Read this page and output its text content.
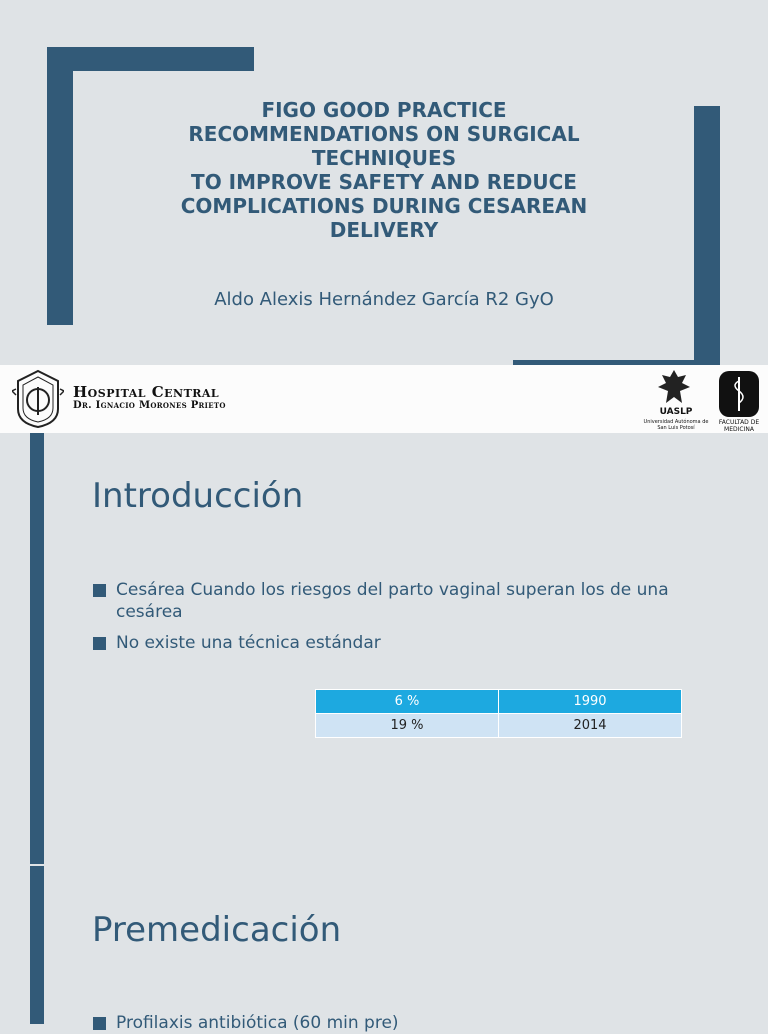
FIGO GOOD PRACTICE
RECOMMENDATIONS ON SURGICAL
TECHNIQUES
TO IMPROVE SAFETY AND REDUCE
COMPLICATIONS DURING CESAREAN
DELIVERY
Aldo Alexis Hernández García R2 GyO
Hospital Central
Dr. Ignacio Morones Prieto
UASLP
Universidad Autónoma de San Luis Potosí
FACULTAD DE MEDICINA
Introducción
Cesárea Cuando los riesgos del parto vaginal superan los de una cesárea
No existe una técnica estándar
6 %	1990
19 %	2014
Premedicación
Profilaxis antibiótica (60 min pre)
